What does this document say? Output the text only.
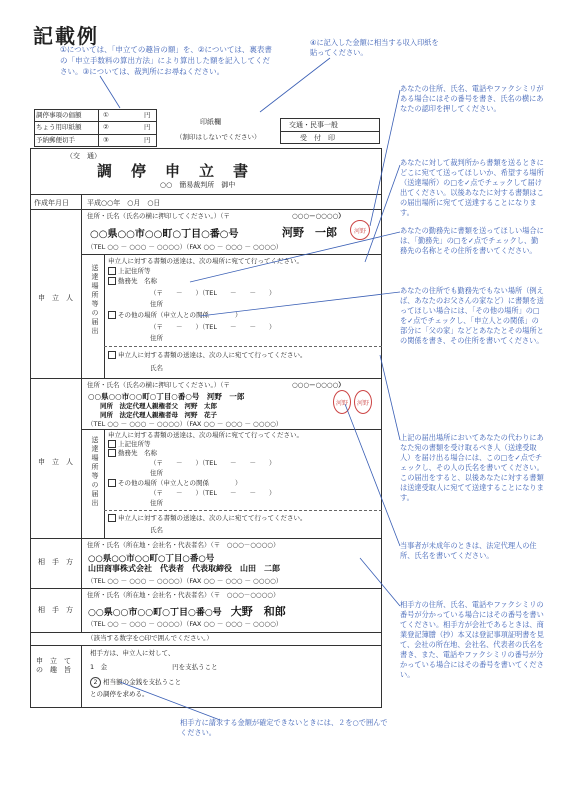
記載例
①については、「申立ての趣旨の額」を、②については、裏表書の「申立手数料の算出方法」により算出した額を記入してください。③については、裁判所にお尋ねください。
④に記入した金額に相当する収入印紙を貼ってください。
調停事項の価額	①	円
ちょう用印紙額	②	円
予納郵便切手	③	円
印紙欄
（割印はしないでください）
交通・民事一般
受　付　印
（交　通）
調　停　申　立　書
○○　簡易裁判所　御中
作成年月日	平成○○年　○月　○日
申　立　人
住所・氏名（氏名の横に押印してください。）（〒	○○○－○○○○）
○○県○○市○○町○丁目○番○号	河野　一郎	河野
（TEL ○○ － ○○○ － ○○○○）（FAX ○○ － ○○○ － ○○○○）
送達場所等の届出
申立人に対する書類の送達は、次の場所に宛てて行ってください。
上記住所等
勤務先　名称
（〒　　－　　）（TEL　　－　　－　　）
住所
その他の場所（申立人との関係　　　　）
（〒　　－　　）（TEL　　－　　－　　）
住所
申立人に対する書類の送達は、次の人に宛てて行ってください。
氏名
申　立　人
住所・氏名（氏名の横に押印してください。）（〒	○○○－○○○○）
○○県○○市○○町○丁目○番○号　 河野　一郎
同所　法定代理人親権者父　河野　太郎
同所　法定代理人親権者母　河野　花子
河野	河野
（TEL ○○ － ○○○ － ○○○○）（FAX ○○ － ○○○ － ○○○○）
送達場所等の届出
申立人に対する書類の送達は、次の場所に宛てて行ってください。
上記住所等
勤務先　名称
（〒　　－　　）（TEL　　－　　－　　）
住所
その他の場所（申立人との関係　　　　）
（〒　　－　　）（TEL　　－　　－　　）
住所
申立人に対する書類の送達は、次の人に宛てて行ってください。
氏名
相　手　方
住所・氏名（所在地・会社名・代表者名）（〒　○○○－○○○○）
○○県○○市○○町○丁目○番○号
山田商事株式会社　代表者　代表取締役　山田　二郎
（TEL ○○ － ○○○ － ○○○○）（FAX ○○ － ○○○ － ○○○○）
相　手　方
住所・氏名（所在地・会社名・代表者名）（〒　○○○－○○○○）
○○県○○市○○町○丁目○番○号　 大野　和郎
（TEL ○○ － ○○○ － ○○○○）（FAX ○○ － ○○○ － ○○○○）
（該当する数字を○印で囲んでください。）
申　立　て　の　趣　旨
相手方は、申立人に対して、
1　金　　　　　　　　　　円を支払うこと
2 相当額の金銭を支払うこと
との調停を求める。
あなたの住所、氏名、電話やファクシミリがある場合にはその番号を書き、氏名の横にあなたの認印を押してください。
あなたに対して裁判所から書類を送るときにどこに宛てて送ってほしいか、希望する場所（送達場所）の□を✓点でチェックして届け出てください。以後あなたに対する書類はこの届出場所に宛てて送達することになります。
あなたの勤務先に書類を送ってほしい場合には、「勤務先」の□を✓点でチェックし、勤務先の名称とその住所を書いてください。
あなたの住所でも勤務先でもない場所（例えば、あなたのお父さんの家など）に書類を送ってほしい場合には、「その他の場所」の□を✓点でチェックし、「申立人との関係」の部分に「父の家」などとあなたとその場所との関係を書き、その住所を書いてください。
上記の届出場所においてあなたの代わりにあなた宛の書類を受け取るべき人（送達受取人）を届け出る場合には、この□を✓点でチェックし、その人の氏名を書いてください。この届出をすると、以後あなたに対する書類は送達受取人に宛てて送達することになります。
当事者が未成年のときは、法定代理人の住所、氏名を書いてください。
相手方の住所、氏名、電話やファクシミリの番号が分かっている場合にはその番号を書いてください。相手方が会社であるときは、商業登記簿謄（抄）本又は登記事項証明書を見て、会社の所在地、会社名、代表者の氏名を書き、また、電話やファクシミリの番号が分かっている場合にはその番号を書いてください。
相手方に請求する金額が確定できないときには、２を○で囲んでください。
